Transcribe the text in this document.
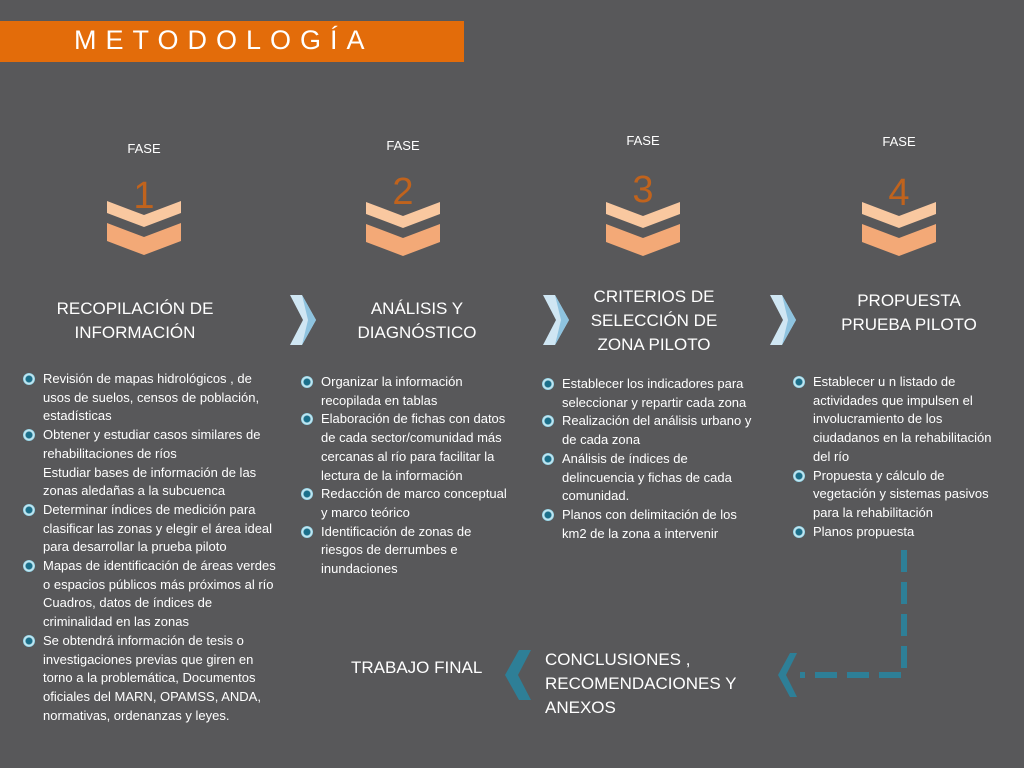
METODOLOGÍA
FASE
1
RECOPILACIÓN DE
INFORMACIÓN
FASE
2
ANÁLISIS Y
DIAGNÓSTICO
FASE
3
CRITERIOS DE
SELECCIÓN DE
ZONA PILOTO
FASE
4
PROPUESTA
PRUEBA PILOTO
Revisión de mapas hidrológicos , de
usos de suelos, censos de población,
estadísticas
Obtener y estudiar casos similares de
rehabilitaciones de ríos
Estudiar bases de información de las
zonas aledañas a la subcuenca
Determinar índices de medición para
clasificar las zonas y elegir el área ideal
para desarrollar la prueba piloto
Mapas de identificación de áreas verdes
o espacios públicos más próximos al río
Cuadros, datos de índices de
criminalidad en las zonas
Se obtendrá información de tesis o
investigaciones previas que giren en
torno a la problemática, Documentos
oficiales del MARN, OPAMSS, ANDA,
normativas, ordenanzas y leyes.
Organizar la información
recopilada en tablas
Elaboración de fichas con datos
de cada sector/comunidad más
cercanas al río para facilitar la
lectura de la información
Redacción de marco conceptual
y marco teórico
Identificación de zonas de
riesgos de derrumbes e
inundaciones
Establecer los indicadores para
seleccionar y repartir cada zona
Realización del análisis urbano y
de cada zona
Análisis de índices de
delincuencia y fichas de cada
comunidad.
Planos con delimitación de los
km2 de la zona a intervenir
Establecer u n listado de
actividades que impulsen el
involucramiento de los
ciudadanos en la rehabilitación
del río
Propuesta y cálculo de
vegetación y sistemas pasivos
para la rehabilitación
Planos propuesta
CONCLUSIONES ,
RECOMENDACIONES Y
ANEXOS
TRABAJO FINAL
